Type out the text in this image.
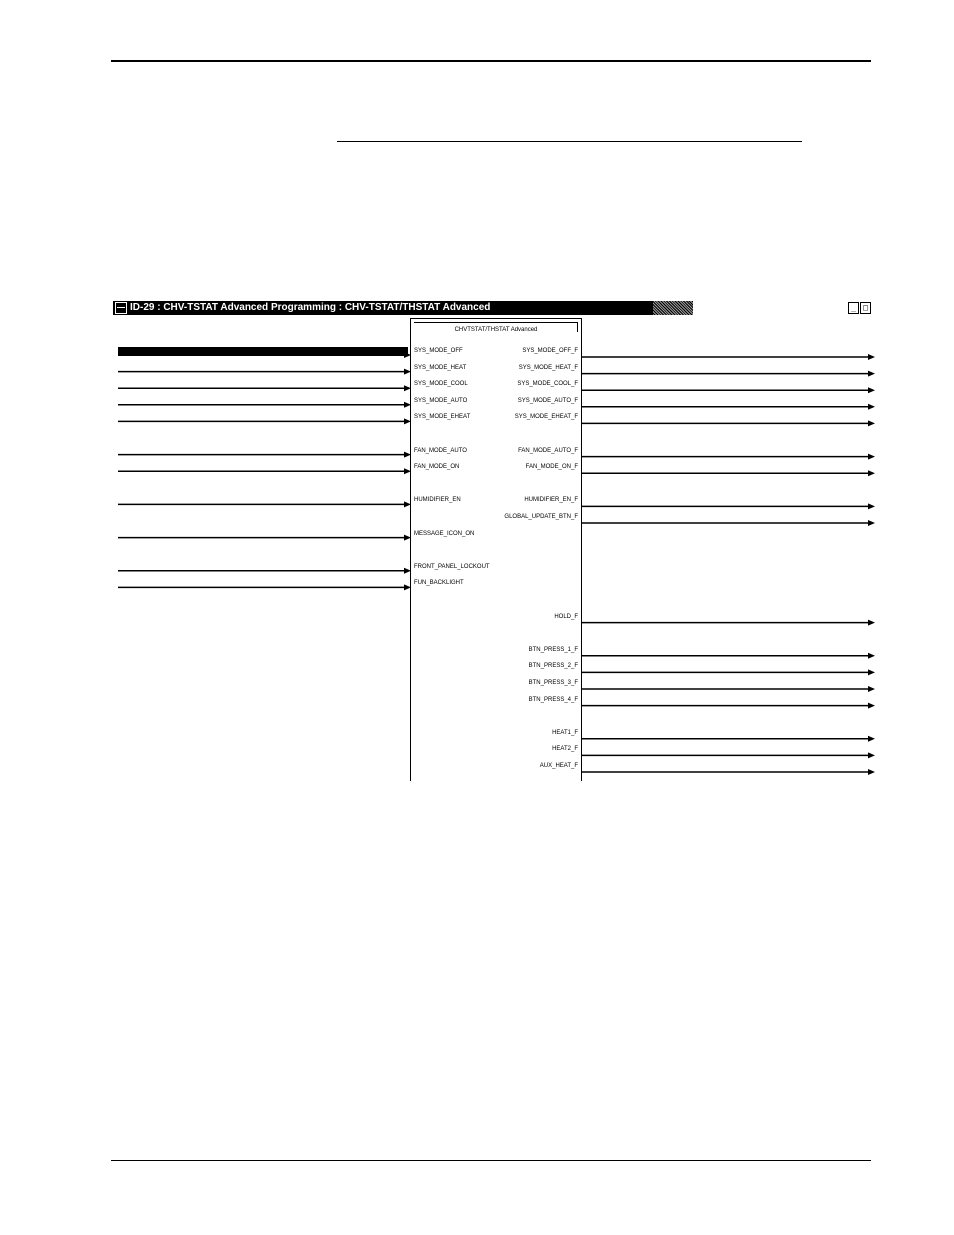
ID-29 : CHV-TSTAT Advanced Programming : CHV-TSTAT/THSTAT Advanced	_ □
CHVTSTAT/THSTAT Advanced
SYS_MODE_OFF
SYS_MODE_HEAT
SYS_MODE_COOL
SYS_MODE_AUTO
SYS_MODE_EHEAT
FAN_MODE_AUTO
FAN_MODE_ON
HUMIDIFIER_EN
MESSAGE_ICON_ON
FRONT_PANEL_LOCKOUT
FUN_BACKLIGHT
SYS_MODE_OFF_F
SYS_MODE_HEAT_F
SYS_MODE_COOL_F
SYS_MODE_AUTO_F
SYS_MODE_EHEAT_F
FAN_MODE_AUTO_F
FAN_MODE_ON_F
HUMIDIFIER_EN_F
GLOBAL_UPDATE_BTN_F
HOLD_F
BTN_PRESS_1_F
BTN_PRESS_2_F
BTN_PRESS_3_F
BTN_PRESS_4_F
HEAT1_F
HEAT2_F
AUX_HEAT_F
